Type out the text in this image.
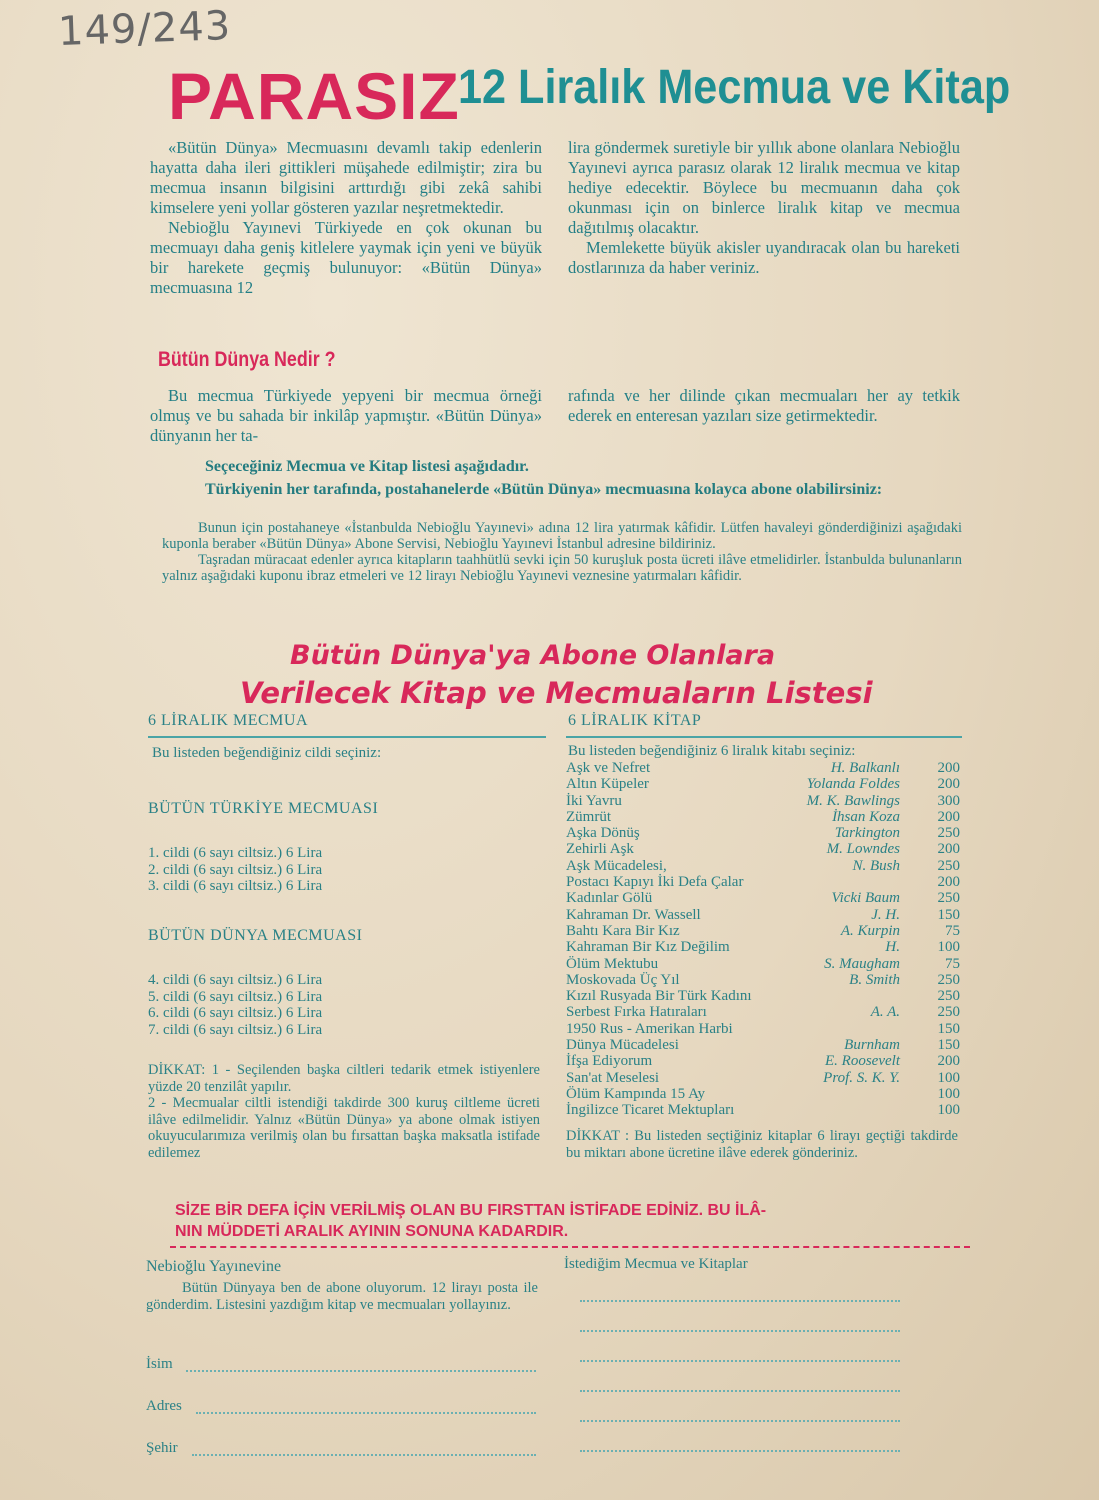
149/243
PARASIZ
12 Liralık Mecmua ve Kitap

«Bütün Dünya» Mecmuasını devamlı takip edenlerin hayatta daha ileri gittikleri müşahede edilmiştir; zira bu mecmua insanın bilgisini arttırdığı gibi zekâ sahibi kimselere yeni yollar gösteren yazılar neşretmektedir.

Nebioğlu Yayınevi Türkiyede en çok okunan bu mecmuayı daha geniş kitlelere yaymak için yeni ve büyük bir harekete geçmiş bulunuyor: «Bütün Dünya» mecmuasına 12

lira göndermek suretiyle bir yıllık abone olanlara Nebioğlu Yayınevi ayrıca parasız olarak 12 liralık mecmua ve kitap hediye edecektir. Böylece bu mecmuanın daha çok okunması için on binlerce liralık kitap ve mecmua dağıtılmış olacaktır.

Memlekette büyük akisler uyandıracak olan bu hareketi dostlarınıza da haber veriniz.

Bütün Dünya Nedir ?

Bu mecmua Türkiyede yepyeni bir mecmua örneği olmuş ve bu sahada bir inkilâp yapmıştır. «Bütün Dünya» dünyanın her ta-

rafında ve her dilinde çıkan mecmuaları her ay tetkik ederek en enteresan yazıları size getirmektedir.

Seçeceğiniz Mecmua ve Kitap listesi aşağıdadır.
Türkiyenin her tarafında, postahanelerde «Bütün Dünya» mecmuasına kolayca abone olabilirsiniz:

Bunun için postahaneye «İstanbulda Nebioğlu Yayınevi» adına 12 lira yatırmak kâfidir. Lütfen havaleyi gönderdiğinizi aşağıdaki kuponla beraber «Bütün Dünya» Abone Servisi, Nebioğlu Yayınevi İstanbul adresine bildiriniz.

Taşradan müracaat edenler ayrıca kitapların taahhütlü sevki için 50 kuruşluk posta ücreti ilâve etmelidirler. İstanbulda bulunanların yalnız aşağıdaki kuponu ibraz etmeleri ve 12 lirayı Nebioğlu Yayınevi veznesine yatırmaları kâfidir.

Bütün Dünya'ya Abone Olanlara
Verilecek Kitap ve Mecmuaların Listesi
6 LİRALIK MECMUA
Bu listeden beğendiğiniz cildi seçiniz:
BÜTÜN TÜRKİYE MECMUASI
1. cildi (6 sayı ciltsiz.) 6 Lira
2. cildi (6 sayı ciltsiz.) 6 Lira
3. cildi (6 sayı ciltsiz.) 6 Lira
BÜTÜN DÜNYA MECMUASI
4. cildi (6 sayı ciltsiz.) 6 Lira
5. cildi (6 sayı ciltsiz.) 6 Lira
6. cildi (6 sayı ciltsiz.) 6 Lira
7. cildi (6 sayı ciltsiz.) 6 Lira

DİKKAT: 1 - Seçilenden başka ciltleri tedarik etmek istiyenlere yüzde 20 tenzilât yapılır.

2 - Mecmualar ciltli istendiği takdirde 300 kuruş ciltleme ücreti ilâve edilmelidir. Yalnız «Bütün Dünya» ya abone olmak istiyen okuyucularımıza verilmiş olan bu fırsattan başka maksatla istifade edilemez

6 LİRALIK KİTAP
Bu listeden beğendiğiniz 6 liralık kitabı seçiniz:
Aşk ve Nefret	H. Balkanlı	200
Altın Küpeler	Yolanda Foldes	200
İki Yavru	M. K. Bawlings	300
Zümrüt	İhsan Koza	200
Aşka Dönüş	Tarkington	250
Zehirli Aşk	M. Lowndes	200
Aşk Mücadelesi,	N. Bush	250
Postacı Kapıyı İki Defa Çalar	200
Kadınlar Gölü	Vicki Baum	250
Kahraman Dr. Wassell	J. H.	150
Bahtı Kara Bir Kız	A. Kurpin	75
Kahraman Bir Kız Değilim	H.	100
Ölüm Mektubu	S. Maugham	75
Moskovada Üç Yıl	B. Smith	250
Kızıl Rusyada Bir Türk Kadını	250
Serbest Fırka Hatıraları	A. A.	250
1950 Rus - Amerikan Harbi	150
Dünya Mücadelesi	Burnham	150
İfşa Ediyorum	E. Roosevelt	200
San'at Meselesi	Prof. S. K. Y.	100
Ölüm Kampında 15 Ay	100
İngilizce Ticaret Mektupları	100
DİKKAT : Bu listeden seçtiğiniz kitaplar 6 lirayı geçtiği takdirde bu miktarı abone ücretine ilâve ederek gönderiniz.
SİZE BİR DEFA İÇİN VERİLMİŞ OLAN BU FIRSTTAN İSTİFADE EDİNİZ. BU İLÂ-
NIN MÜDDETİ ARALIK AYININ SONUNA KADARDIR.
Nebioğlu Yayınevine

Bütün Dünyaya ben de abone oluyorum. 12 lirayı posta ile gönderdim. Listesini yazdığım kitap ve mecmuaları yollayınız.

İstediğim Mecmua ve Kitaplar
İsim
Adres
Şehir
